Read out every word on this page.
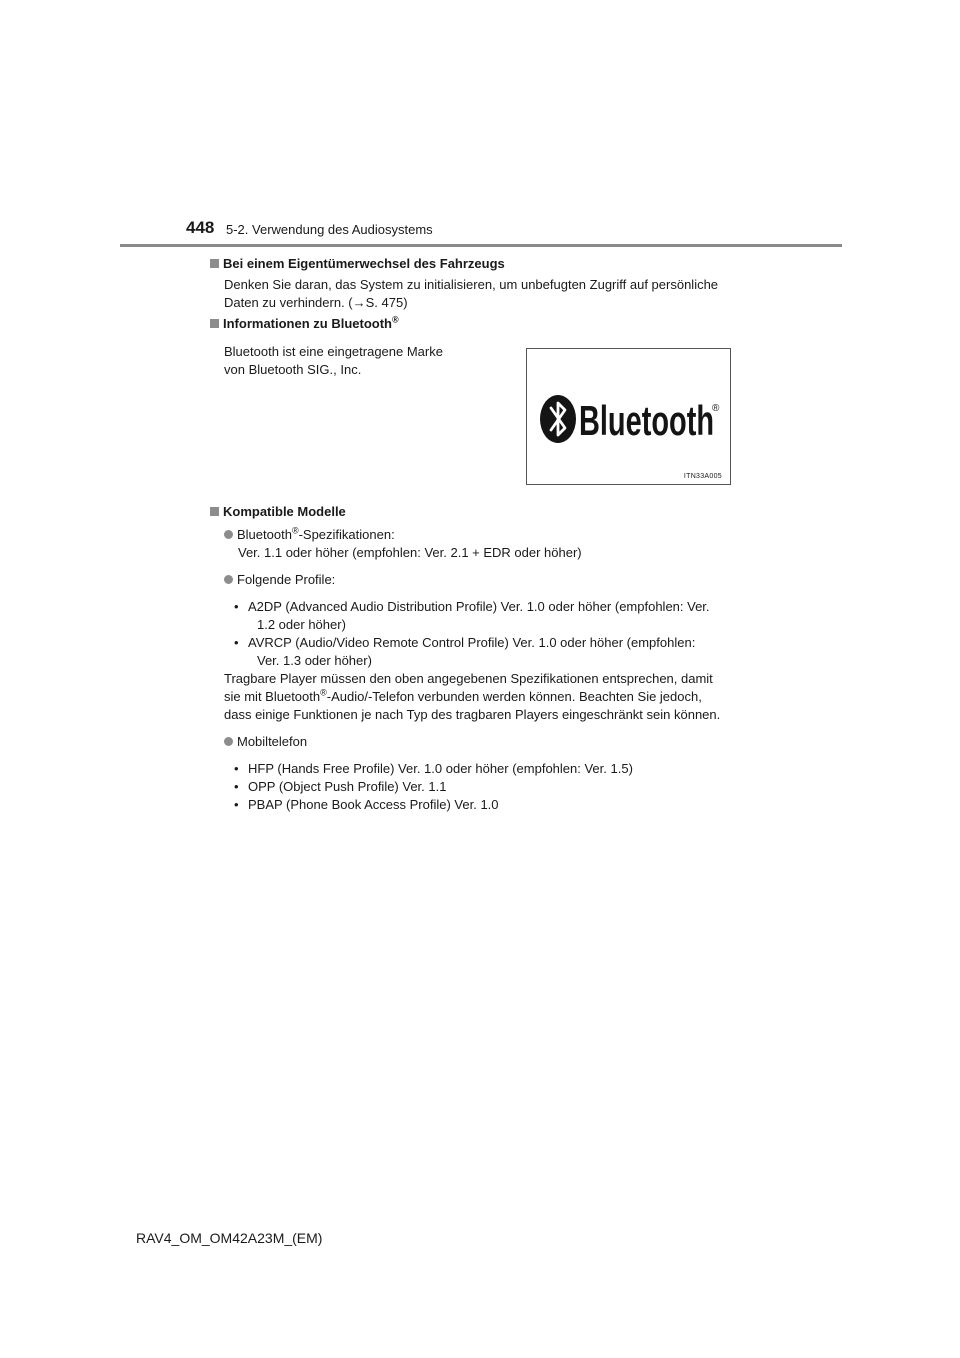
448 5-2. Verwendung des Audiosystems
Bei einem Eigentümerwechsel des Fahrzeugs
Denken Sie daran, das System zu initialisieren, um unbefugten Zugriff auf persönliche
Daten zu verhindern. (→S. 475)
Informationen zu Bluetooth®
Bluetooth ist eine eingetragene Marke
von Bluetooth SIG., Inc.
Bluetooth
®
ITN33A005
Kompatible Modelle
Bluetooth®-Spezifikationen:
Ver. 1.1 oder höher (empfohlen: Ver. 2.1 + EDR oder höher)
Folgende Profile:
• A2DP (Advanced Audio Distribution Profile) Ver. 1.0 oder höher (empfohlen: Ver.
1.2 oder höher)
• AVRCP (Audio/Video Remote Control Profile) Ver. 1.0 oder höher (empfohlen:
Ver. 1.3 oder höher)
Tragbare Player müssen den oben angegebenen Spezifikationen entsprechen, damit
sie mit Bluetooth®-Audio/-Telefon verbunden werden können. Beachten Sie jedoch,
dass einige Funktionen je nach Typ des tragbaren Players eingeschränkt sein können.
Mobiltelefon
• HFP (Hands Free Profile) Ver. 1.0 oder höher (empfohlen: Ver. 1.5)
• OPP (Object Push Profile) Ver. 1.1
• PBAP (Phone Book Access Profile) Ver. 1.0
RAV4_OM_OM42A23M_(EM)
